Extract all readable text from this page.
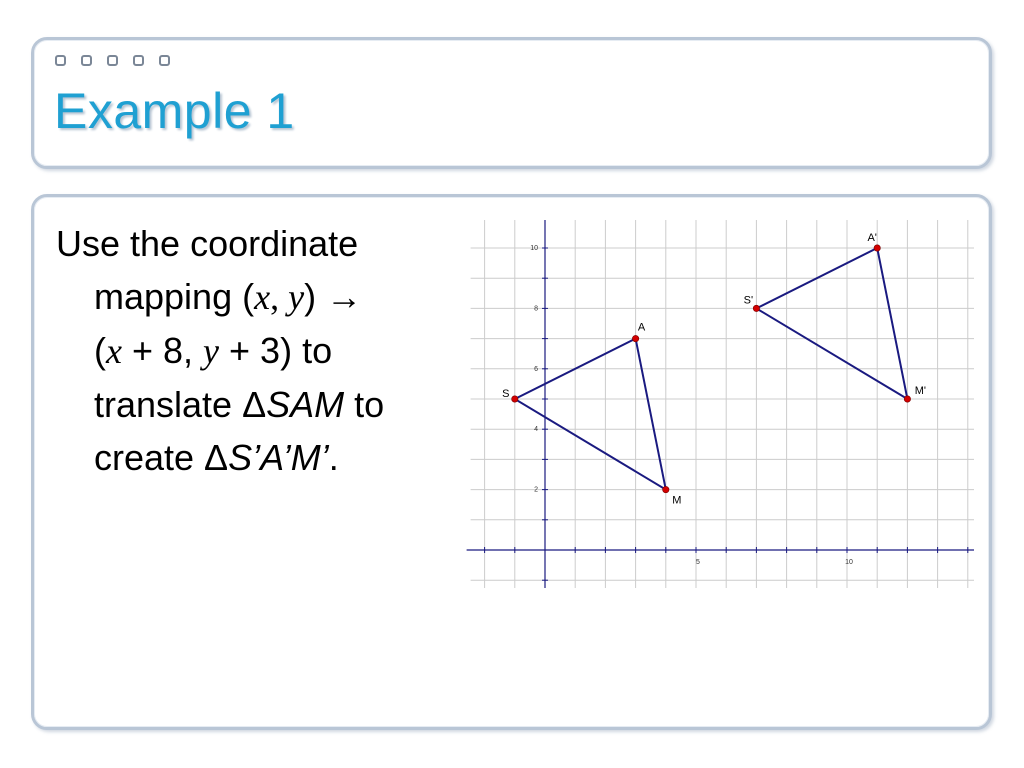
Example 1
Use the coordinate
mapping (x, y) →
(x + 8, y + 3) to
translate ΔSAM to
create ΔS’A’M’.
5	10
2
4
6
8
10
S
A
M
S'
A'
M'
